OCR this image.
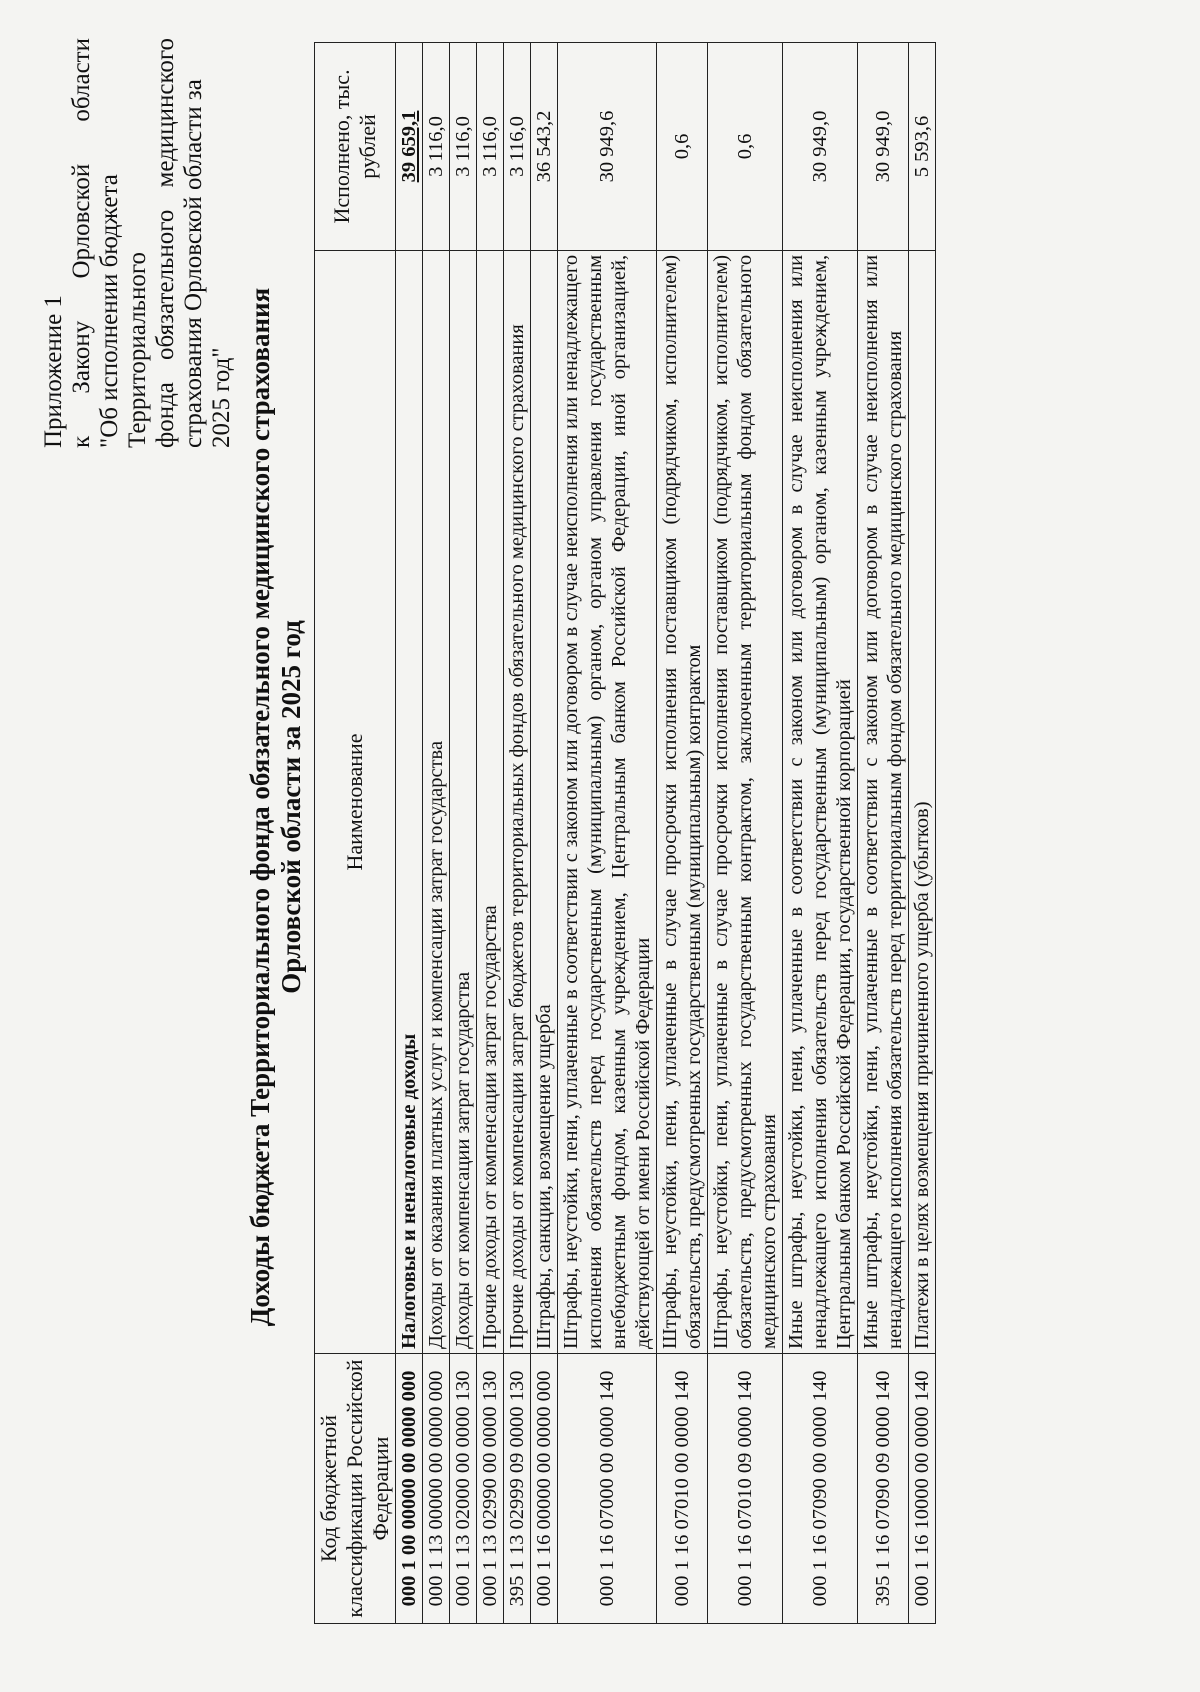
Приложение 1 к
Закону
Орловской
области
"Об исполнении бюджета Территориального фонда
обязательного
медицинского страхования Орловской области за 2025 год" Доходы бюджета Территориального фонда обязательного медицинского страхования Орловской области за 2025 год
Код бюджетной классификации Российской Федерации	Наименование	Исполнено, тыс. рублей
000 1 00 00000 00 0000 000	Налоговые и неналоговые доходы	39 659,1
000 1 13 00000 00 0000 000	Доходы от оказания платных услуг и компенсации затрат государства	3 116,0
000 1 13 02000 00 0000 130	Доходы от компенсации затрат государства	3 116,0
000 1 13 02990 00 0000 130	Прочие доходы от компенсации затрат государства	3 116,0
395 1 13 02999 09 0000 130	Прочие доходы от компенсации затрат бюджетов территориальных фондов обязательного медицинского страхования	3 116,0
000 1 16 00000 00 0000 000	Штрафы, санкции, возмещение ущерба	36 543,2
000 1 16 07000 00 0000 140	Штрафы, неустойки, пени, уплаченные в соответствии с законом или договором в случае неисполнения или ненадлежащего исполнения обязательств перед государственным (муниципальным) органом, органом управления государственным внебюджетным фондом, казенным учреждением, Центральным банком Российской Федерации, иной организацией, действующей от имени Российской Федерации	30 949,6
000 1 16 07010 00 0000 140	Штрафы, неустойки, пени, уплаченные в случае просрочки исполнения поставщиком (подрядчиком, исполнителем) обязательств, предусмотренных государственным (муниципальным) контрактом	0,6
000 1 16 07010 09 0000 140	Штрафы, неустойки, пени, уплаченные в случае просрочки исполнения поставщиком (подрядчиком, исполнителем) обязательств, предусмотренных государственным контрактом, заключенным территориальным фондом обязательного медицинского страхования	0,6
000 1 16 07090 00 0000 140	Иные штрафы, неустойки, пени, уплаченные в соответствии с законом или договором в случае неисполнения или ненадлежащего исполнения обязательств перед государственным (муниципальным) органом, казенным учреждением, Центральным банком Российской Федерации, государственной корпорацией	30 949,0
395 1 16 07090 09 0000 140	Иные штрафы, неустойки, пени, уплаченные в соответствии с законом или договором в случае неисполнения или ненадлежащего исполнения обязательств перед территориальным фондом обязательного медицинского страхования	30 949,0
000 1 16 10000 00 0000 140	Платежи в целях возмещения причиненного ущерба (убытков)	5 593,6
